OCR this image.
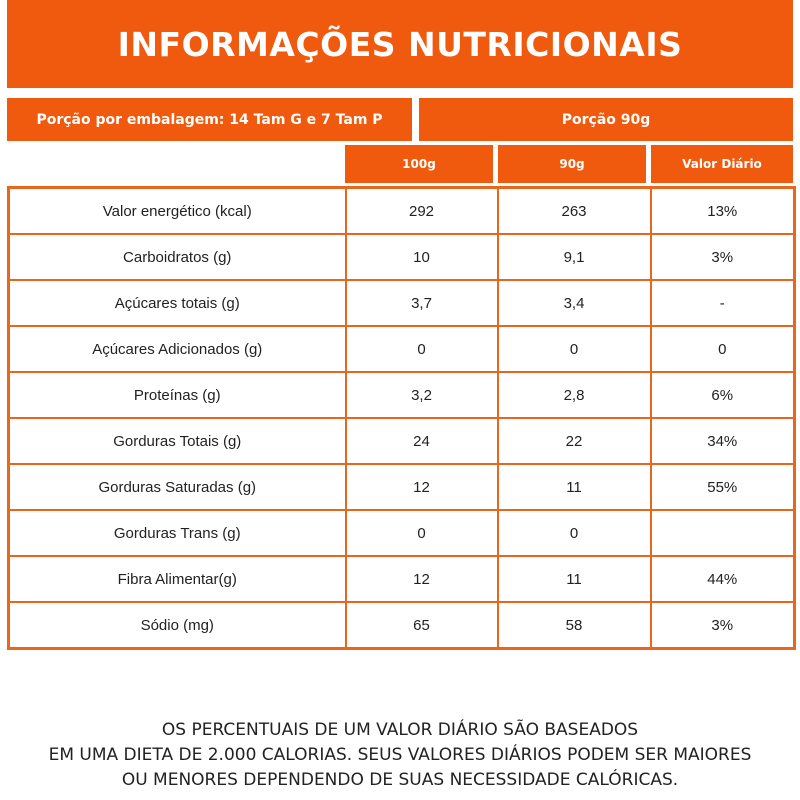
INFORMAÇÕES NUTRICIONAIS
Porção por embalagem: 14 Tam G e 7 Tam P	Porção 90g
100g	90g	Valor Diário
Valor energético (kcal)	292	263	13%
Carboidratos (g)	10	9,1	3%
Açúcares totais (g)	3,7	3,4	-
Açúcares Adicionados (g)	0	0	0
Proteínas (g)	3,2	2,8	6%
Gorduras Totais (g)	24	22	34%
Gorduras Saturadas (g)	12	11	55%
Gorduras Trans (g)	0	0	
Fibra Alimentar(g)	12	11	44%
Sódio (mg)	65	58	3%
OS PERCENTUAIS DE UM VALOR DIÁRIO SÃO BASEADOS
EM UMA DIETA DE 2.000 CALORIAS. SEUS VALORES DIÁRIOS PODEM SER MAIORES
OU MENORES DEPENDENDO DE SUAS NECESSIDADE CALÓRICAS.
